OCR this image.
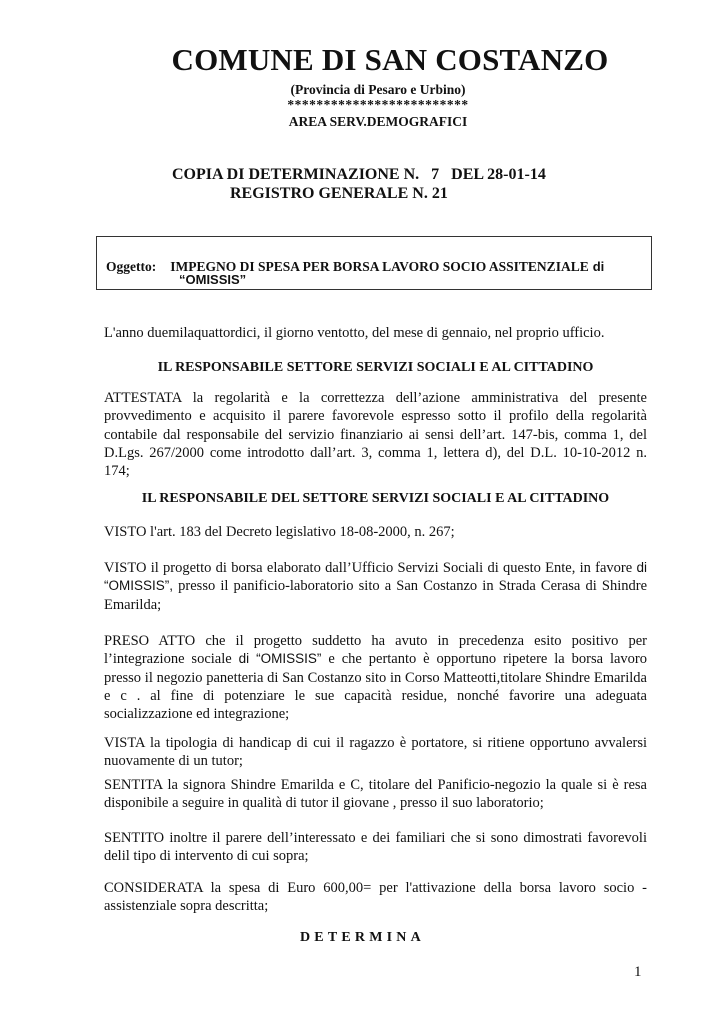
COMUNE DI SAN COSTANZO
(Provincia di Pesaro e Urbino)
*************************
AREA SERV.DEMOGRAFICI
COPIA DI DETERMINAZIONE N.   7   DEL 28-01-14
REGISTRO GENERALE N. 21
Oggetto: IMPEGNO DI SPESA PER BORSA LAVORO SOCIO ASSITENZIALE di
“OMISSIS”
L'anno duemilaquattordici, il giorno ventotto, del mese di gennaio, nel proprio ufficio.
IL RESPONSABILE SETTORE SERVIZI SOCIALI E AL CITTADINO
ATTESTATA la regolarità e la correttezza dell’azione amministrativa del presente provvedimento e acquisito il parere favorevole espresso sotto il profilo della regolarità contabile dal responsabile del servizio finanziario ai sensi dell’art. 147-bis, comma 1, del D.Lgs. 267/2000 come introdotto dall’art. 3, comma 1, lettera d), del D.L. 10-10-2012 n. 174;
IL RESPONSABILE DEL SETTORE SERVIZI SOCIALI E AL CITTADINO
VISTO l'art. 183 del Decreto legislativo 18-08-2000, n. 267;
VISTO il progetto di borsa elaborato dall’Ufficio Servizi Sociali di questo Ente, in favore di “OMISSIS”, presso il panificio-laboratorio sito a San Costanzo in Strada Cerasa di Shindre Emarilda;
PRESO ATTO che il progetto suddetto ha avuto in precedenza esito positivo per l’integrazione sociale di “OMISSIS” e che pertanto è opportuno ripetere la borsa lavoro presso il negozio panetteria di San Costanzo sito in Corso Matteotti,titolare Shindre Emarilda e c . al fine di potenziare le sue capacità residue, nonché favorire una adeguata socializzazione ed integrazione;
VISTA la tipologia di handicap di cui il ragazzo è portatore, si ritiene opportuno avvalersi nuovamente di un tutor;
SENTITA la signora Shindre Emarilda e C, titolare del Panificio-negozio la quale si è resa disponibile a seguire in qualità di tutor il giovane , presso il suo laboratorio;
SENTITO inoltre il parere dell’interessato e dei familiari che si sono dimostrati favorevoli delil tipo di intervento di cui sopra;
CONSIDERATA la spesa di Euro 600,00= per l'attivazione della borsa lavoro socio - assistenziale sopra descritta;
DETERMINA
1
